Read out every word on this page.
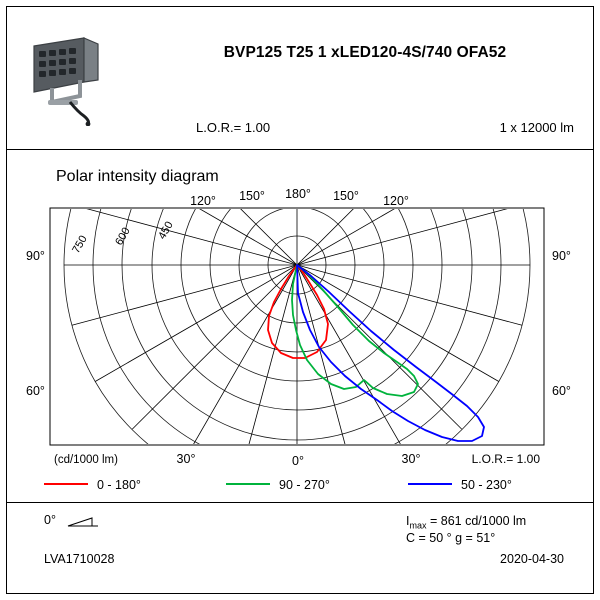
BVP125 T25 1 xLED120-4S/740 OFA52
L.O.R.= 1.00	1 x 12000 lm
Polar intensity diagram
750 600 450
120° 150° 180° 150° 120°
90°	90°
60°	60°
30°	0°	30°
(cd/1000 lm)	L.O.R.= 1.00
0 - 180°	90 - 270°	50 - 230°
0°	$I_{max} = 861$ cd/1000 lm
C = 50 ° g = 51°
LVA1710028	2020-04-30
